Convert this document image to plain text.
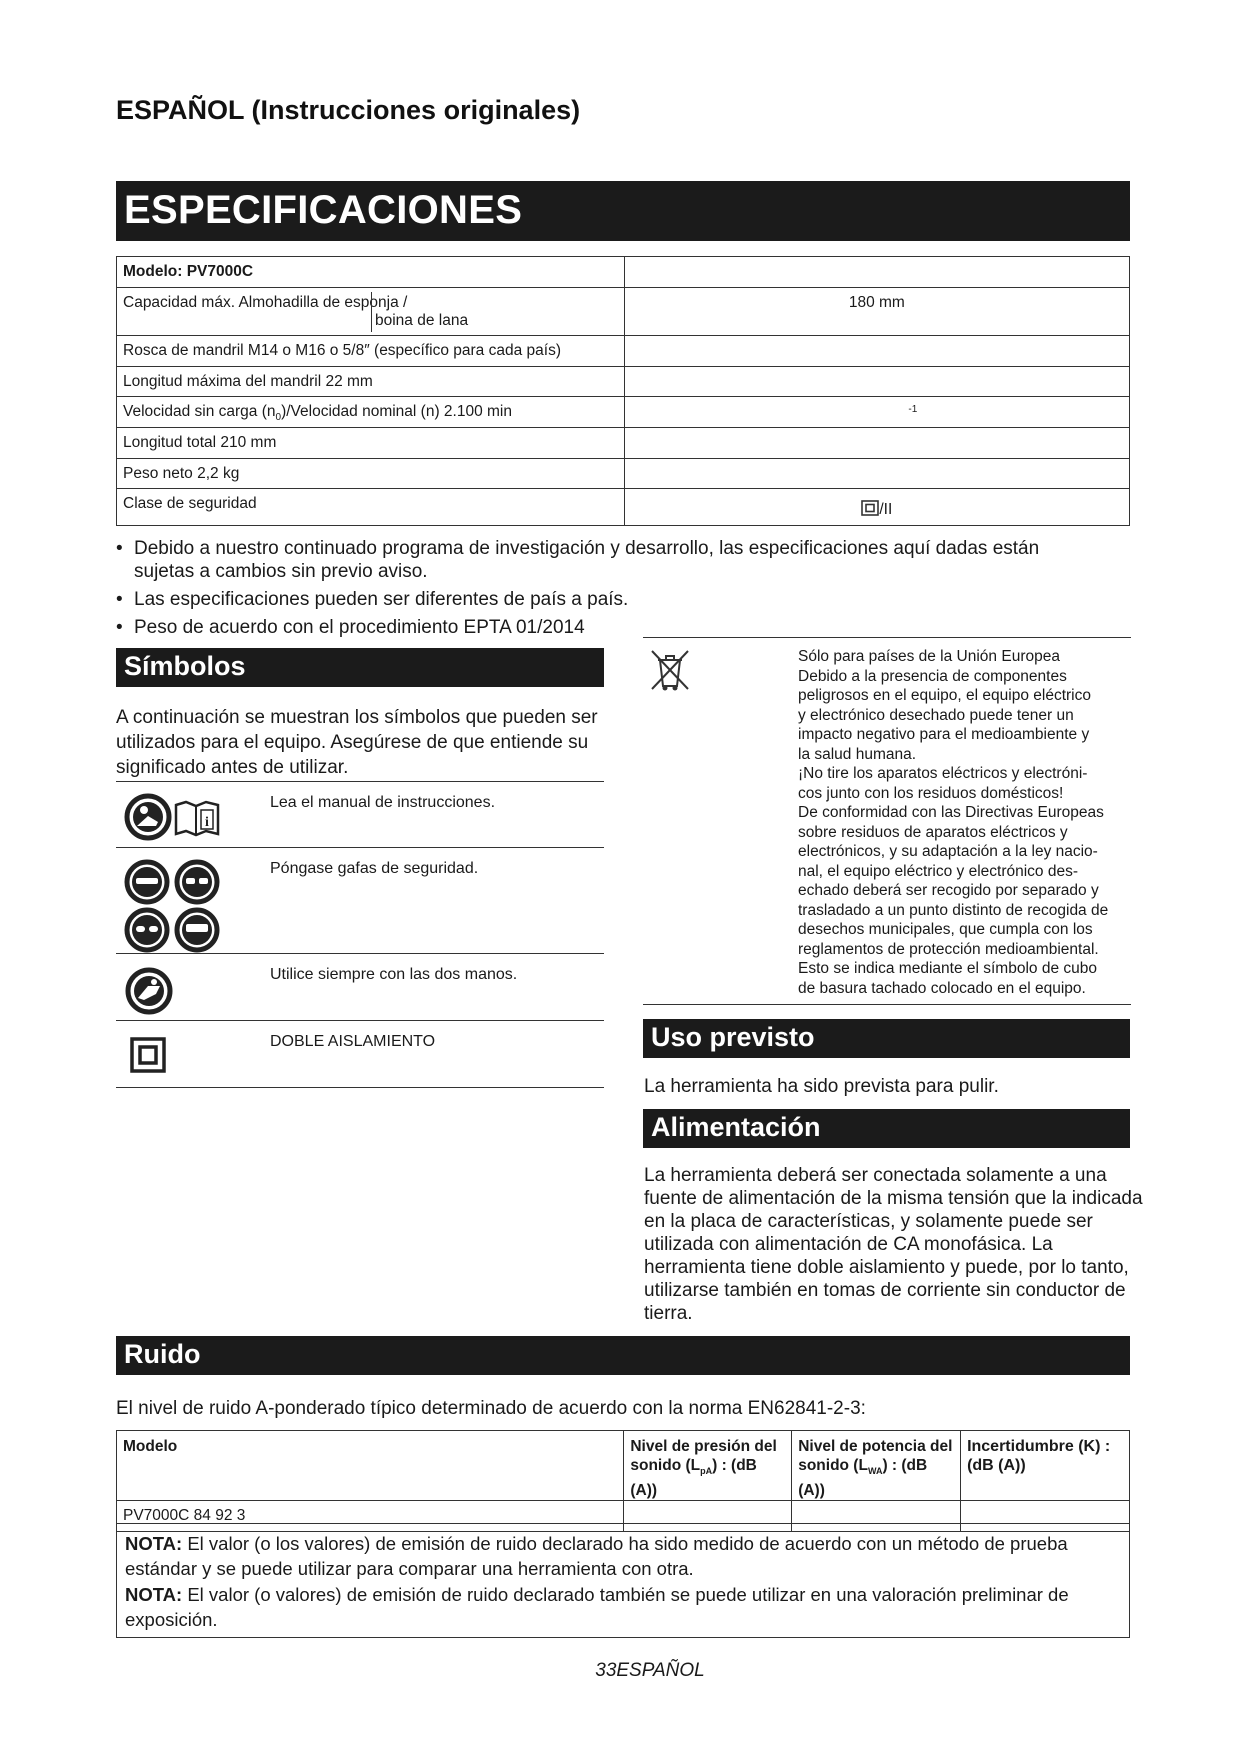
ESPAÑOL (Instrucciones originales)
ESPECIFICACIONES
Modelo: PV7000C	
Capacidad máx. Almohadilla de esponja /
boina de lana	180 mm
Rosca de mandril M14 o M16 o 5/8″ (específico para cada país)	
Longitud máxima del mandril 22 mm	
Velocidad sin carga $(n_0)$/Velocidad nominal (n) 2.100 min	$^{-1}$
Longitud total 210 mm	
Peso neto 2,2 kg	
Clase de seguridad	/II
• Debido a nuestro continuado programa de investigación y desarrollo, las especificaciones aquí dadas están sujetas a cambios sin previo aviso.
• Las especificaciones pueden ser diferentes de país a país.
• Peso de acuerdo con el procedimiento EPTA 01/2014
Símbolos
A continuación se muestran los símbolos que pueden ser utilizados para el equipo. Asegúrese de que entiende su significado antes de utilizar.
i
Lea el manual de instrucciones.
Póngase gafas de seguridad.
Utilice siempre con las dos manos.
DOBLE AISLAMIENTO
Sólo para países de la Unión Europea
Debido a la presencia de componentes
peligrosos en el equipo, el equipo eléctrico
y electrónico desechado puede tener un
impacto negativo para el medioambiente y
la salud humana.
¡No tire los aparatos eléctricos y electróni-
cos junto con los residuos domésticos!
De conformidad con las Directivas Europeas
sobre residuos de aparatos eléctricos y
electrónicos, y su adaptación a la ley nacio-
nal, el equipo eléctrico y electrónico des-
echado deberá ser recogido por separado y
trasladado a un punto distinto de recogida de
desechos municipales, que cumpla con los
reglamentos de protección medioambiental.
Esto se indica mediante el símbolo de cubo
de basura tachado colocado en el equipo.
Uso previsto
La herramienta ha sido prevista para pulir.
Alimentación
La herramienta deberá ser conectada solamente a una fuente de alimentación de la misma tensión que la indicada en la placa de características, y solamente puede ser utilizada con alimentación de CA monofásica. La herramienta tiene doble aislamiento y puede, por lo tanto, utilizarse también en tomas de corriente sin conductor de tierra.
Ruido
El nivel de ruido A-ponderado típico determinado de acuerdo con la norma EN62841-2-3:
Modelo	Nivel de presión del
sonido $(L_{pA})$ : (dB (A))	Nivel de potencia del
sonido $(L_{WA})$ : (dB (A))	Incertidumbre (K) :
(dB (A))
PV7000C 84 92 3			

NOTA: El valor (o los valores) de emisión de ruido declarado ha sido medido de acuerdo con un método de prueba estándar y se puede utilizar para comparar una herramienta con otra.

NOTA: El valor (o valores) de emisión de ruido declarado también se puede utilizar en una valoración preliminar de exposición.

33ESPAÑOL
